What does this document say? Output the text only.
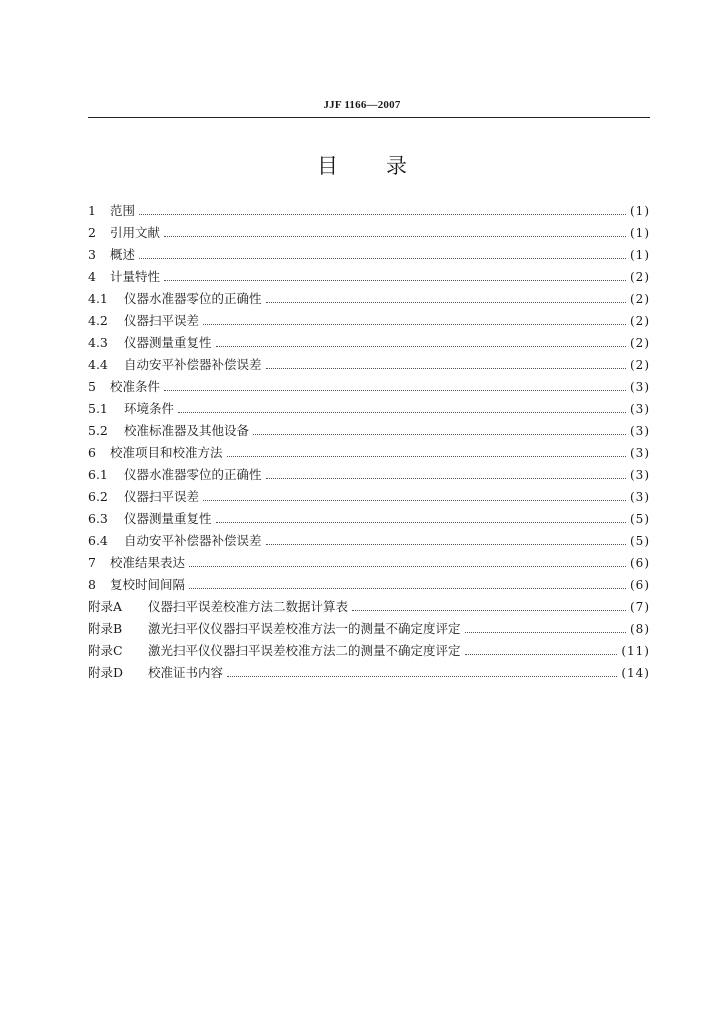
JJF 1166—2007
目 录
1	范围	(1)
2	引用文献	(1)
3	概述	(1)
4	计量特性	(2)
4.1	仪器水准器零位的正确性	(2)
4.2	仪器扫平误差	(2)
4.3	仪器测量重复性	(2)
4.4	自动安平补偿器补偿误差	(2)
5	校准条件	(3)
5.1	环境条件	(3)
5.2	校准标准器及其他设备	(3)
6	校准项目和校准方法	(3)
6.1	仪器水准器零位的正确性	(3)
6.2	仪器扫平误差	(3)
6.3	仪器测量重复性	(5)
6.4	自动安平补偿器补偿误差	(5)
7	校准结果表达	(6)
8	复校时间间隔	(6)
附录A	仪器扫平误差校准方法二数据计算表	(7)
附录B	激光扫平仪仪器扫平误差校准方法一的测量不确定度评定	(8)
附录C	激光扫平仪仪器扫平误差校准方法二的测量不确定度评定	(11)
附录D	校准证书内容	(14)
